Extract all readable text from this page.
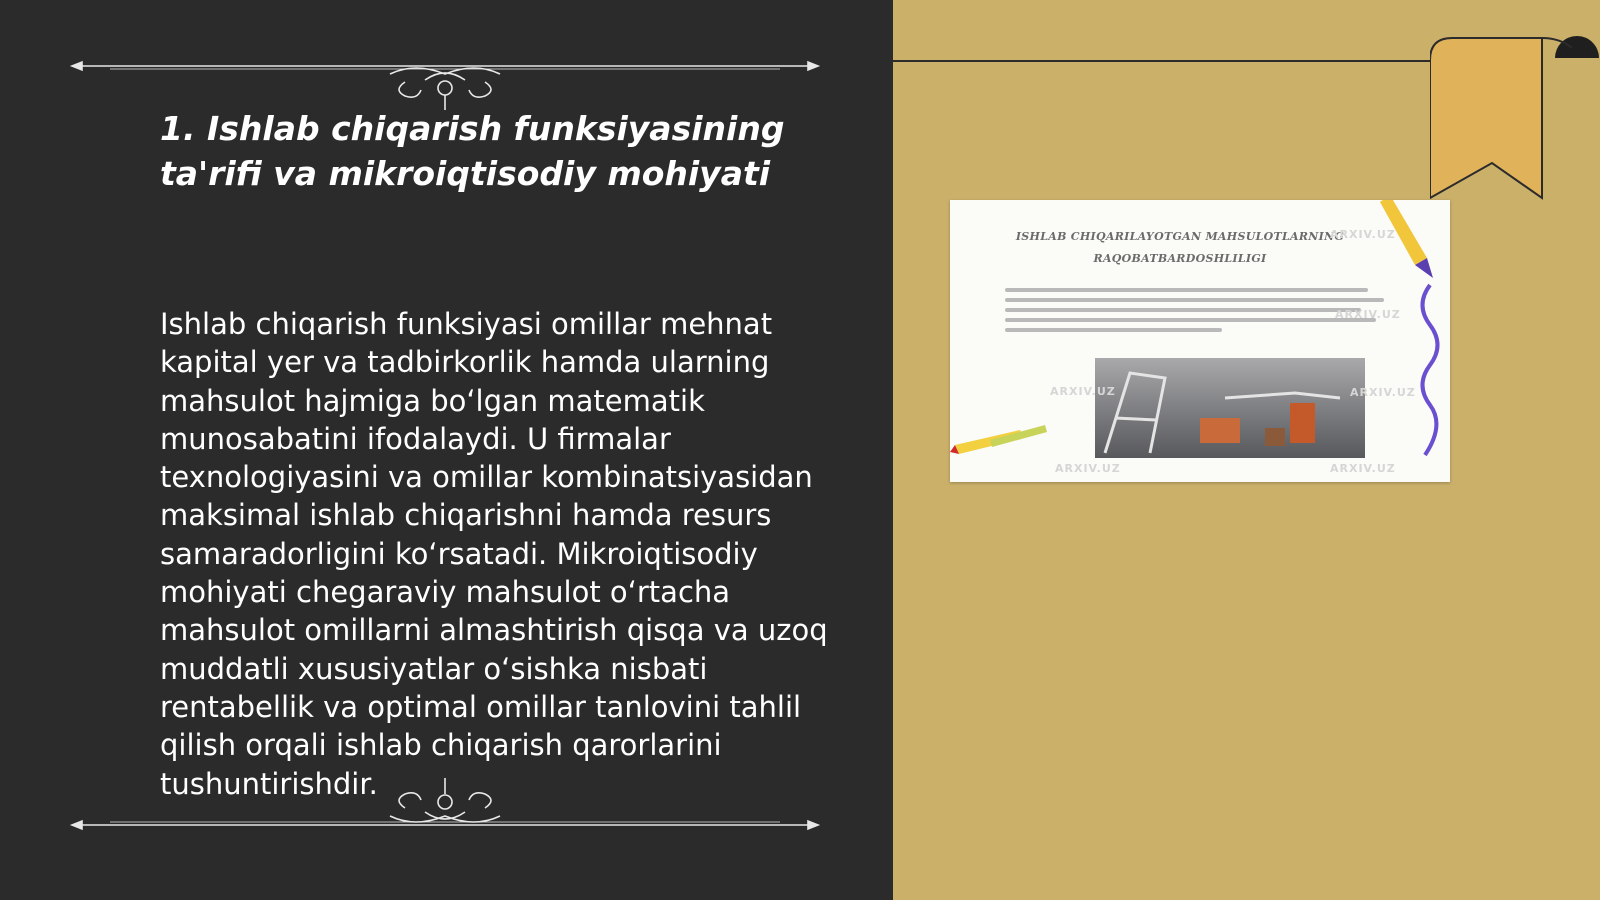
1. Ishlab chiqarish funksiyasining ta'rifi va mikroiqtisodiy mohiyati

Ishlab chiqarish funksiyasi omillar mehnat kapital yer va tadbirkorlik hamda ularning mahsulot hajmiga bo‘lgan matematik munosabatini ifodalaydi. U firmalar texnologiyasini va omillar kombinatsiyasidan maksimal ishlab chiqarishni hamda resurs samaradorligini ko‘rsatadi. Mikroiqtisodiy mohiyati chegaraviy mahsulot o‘rtacha mahsulot omillarni almashtirish qisqa va uzoq muddatli xususiyatlar o‘sishka nisbati rentabellik va optimal omillar tanlovini tahlil qilish orqali ishlab chiqarish qarorlarini tushuntirishdir.

ISHLAB CHIQARILAYOTGAN MAHSULOTLARNING RAQOBATBARDOSHLILIGI
ARXIV.UZ
ARXIV.UZ
ARXIV.UZ	ARXIV.UZ
ARXIV.UZ	ARXIV.UZ
